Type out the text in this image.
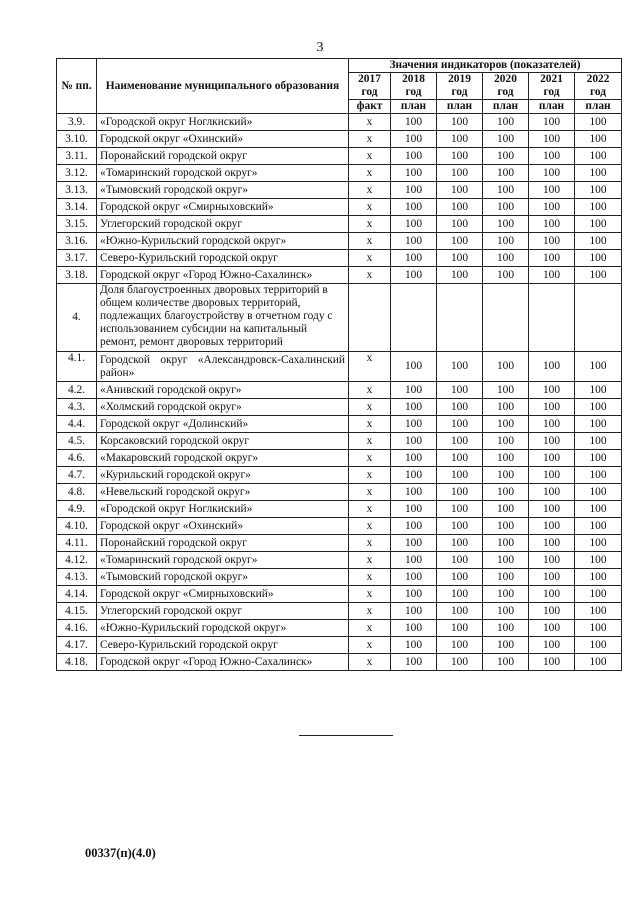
3
№ пп.	Наименование муниципального образования	Значения индикаторов (показателей)					
		2017 год	2018 год	2019 год	2020 год	2021 год	2022 год
		факт	план	план	план	план	план
3.9.	«Городской округ Ноглкиский»	х	100	100	100	100	100
3.10.	Городской округ «Охинский»	х	100	100	100	100	100
3.11.	Поронайский городской округ	х	100	100	100	100	100
3.12.	«Томаринский городской округ»	х	100	100	100	100	100
3.13.	«Тымовский городской округ»	х	100	100	100	100	100
3.14.	Городской округ «Смирныховский»	х	100	100	100	100	100
3.15.	Углегорский городской округ	х	100	100	100	100	100
3.16.	«Южно-Курильский городской округ»	х	100	100	100	100	100
3.17.	Северо-Курильский городской округ	х	100	100	100	100	100
3.18.	Городской округ «Город Южно-Сахалинск»	х	100	100	100	100	100
4.	Доля благоустроенных дворовых территорий в общем количестве дворовых территорий, подлежащих благоустройству в отчетном году с использованием субсидии на капитальный ремонт, ремонт дворовых территорий						
4.1.	Городской округ «Александровск-Сахалинский район»	х	100	100	100	100	100
4.2.	«Анивский городской округ»	х	100	100	100	100	100
4.3.	«Холмский городской округ»	х	100	100	100	100	100
4.4.	Городской округ «Долинский»	х	100	100	100	100	100
4.5.	Корсаковский городской округ	х	100	100	100	100	100
4.6.	«Макаровский городской округ»	х	100	100	100	100	100
4.7.	«Курильский городской округ»	х	100	100	100	100	100
4.8.	«Невельский городской округ»	х	100	100	100	100	100
4.9.	«Городской округ Ноглкиский»	х	100	100	100	100	100
4.10.	Городской округ «Охинский»	х	100	100	100	100	100
4.11.	Поронайский городской округ	х	100	100	100	100	100
4.12.	«Томаринский городской округ»	х	100	100	100	100	100
4.13.	«Тымовский городской округ»	х	100	100	100	100	100
4.14.	Городской округ «Смирныховский»	х	100	100	100	100	100
4.15.	Углегорский городской округ	х	100	100	100	100	100
4.16.	«Южно-Курильский городской округ»	х	100	100	100	100	100
4.17.	Северо-Курильский городской округ	х	100	100	100	100	100
4.18.	Городской округ «Город Южно-Сахалинск»	х	100	100	100	100	100
00337(п)(4.0)
